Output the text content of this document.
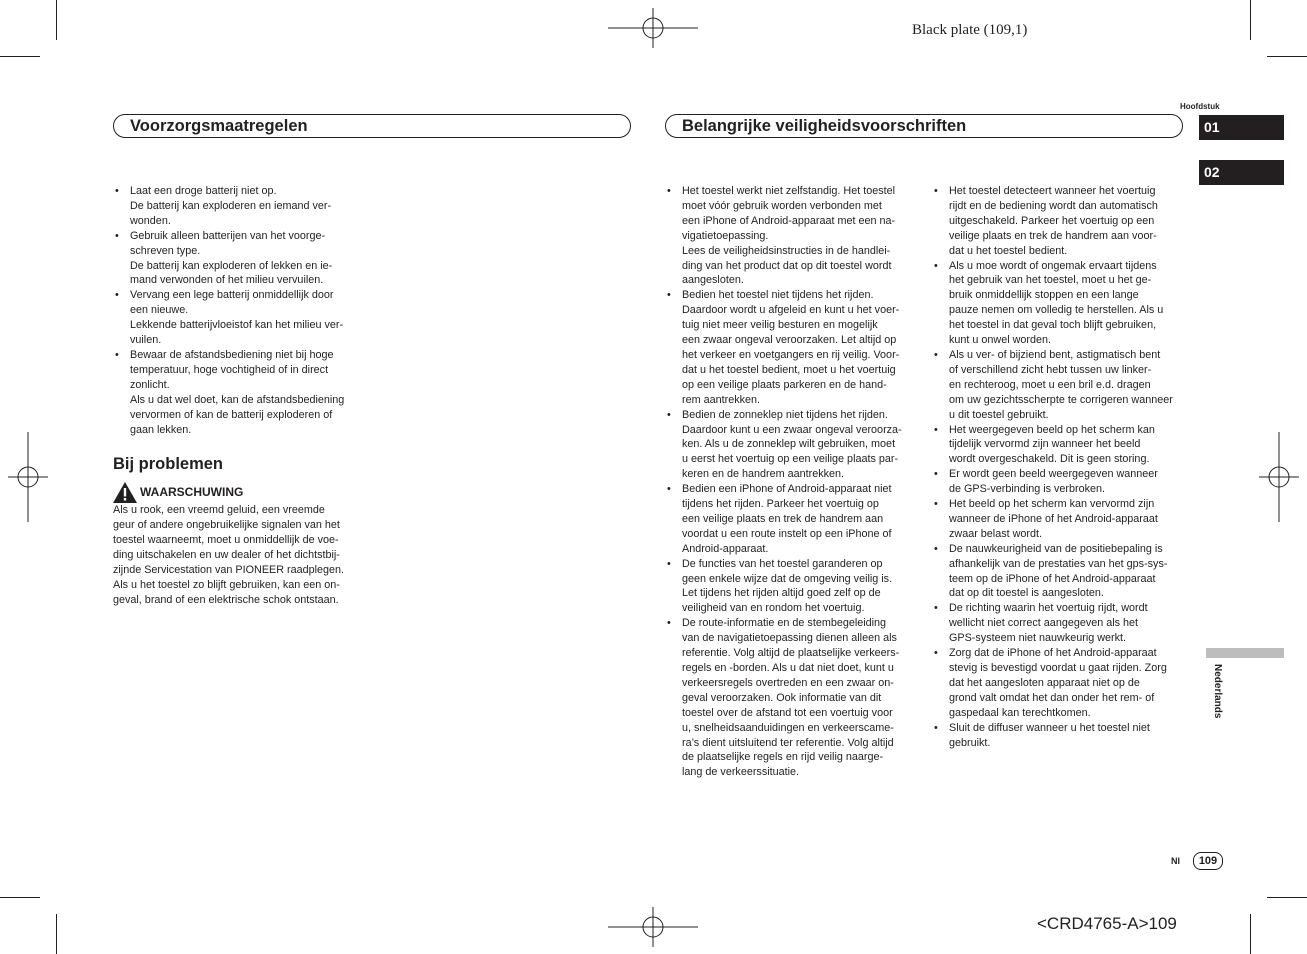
Black plate (109,1)
Voorzorgsmaatregelen	Belangrijke veiligheidsvoorschriften
Hoofdstuk
01
02

• Laat een droge batterij niet op.
De batterij kan exploderen en iemand ver-
wonden.

• Gebruik alleen batterijen van het voorge-
schreven type.
De batterij kan exploderen of lekken en ie-
mand verwonden of het milieu vervuilen.

• Vervang een lege batterij onmiddellijk door
een nieuwe.
Lekkende batterijvloeistof kan het milieu ver-
vuilen.

• Bewaar de afstandsbediening niet bij hoge
temperatuur, hoge vochtigheid of in direct
zonlicht.
Als u dat wel doet, kan de afstandsbediening
vervormen of kan de batterij exploderen of
gaan lekken.

Bij problemen
WAARSCHUWING
Als u rook, een vreemd geluid, een vreemde
geur of andere ongebruikelijke signalen van het
toestel waarneemt, moet u onmiddellijk de voe-
ding uitschakelen en uw dealer of het dichtstbij-
zijnde Servicestation van PIONEER raadplegen.
Als u het toestel zo blijft gebruiken, kan een on-
geval, brand of een elektrische schok ontstaan.

• Het toestel werkt niet zelfstandig. Het toestel
moet vóór gebruik worden verbonden met
een iPhone of Android-apparaat met een na-
vigatietoepassing.
Lees de veiligheidsinstructies in de handlei-
ding van het product dat op dit toestel wordt
aangesloten.

• Bedien het toestel niet tijdens het rijden.
Daardoor wordt u afgeleid en kunt u het voer-
tuig niet meer veilig besturen en mogelijk
een zwaar ongeval veroorzaken. Let altijd op
het verkeer en voetgangers en rij veilig. Voor-
dat u het toestel bedient, moet u het voertuig
op een veilige plaats parkeren en de hand-
rem aantrekken.

• Bedien de zonneklep niet tijdens het rijden.
Daardoor kunt u een zwaar ongeval veroorza-
ken. Als u de zonneklep wilt gebruiken, moet
u eerst het voertuig op een veilige plaats par-
keren en de handrem aantrekken.

• Bedien een iPhone of Android-apparaat niet
tijdens het rijden. Parkeer het voertuig op
een veilige plaats en trek de handrem aan
voordat u een route instelt op een iPhone of
Android-apparaat.

• De functies van het toestel garanderen op
geen enkele wijze dat de omgeving veilig is.
Let tijdens het rijden altijd goed zelf op de
veiligheid van en rondom het voertuig.

• De route-informatie en de stembegeleiding
van de navigatietoepassing dienen alleen als
referentie. Volg altijd de plaatselijke verkeers-
regels en -borden. Als u dat niet doet, kunt u
verkeersregels overtreden en een zwaar on-
geval veroorzaken. Ook informatie van dit
toestel over de afstand tot een voertuig voor
u, snelheidsaanduidingen en verkeerscame-
ra’s dient uitsluitend ter referentie. Volg altijd
de plaatselijke regels en rijd veilig naarge-
lang de verkeerssituatie.

• Het toestel detecteert wanneer het voertuig
rijdt en de bediening wordt dan automatisch
uitgeschakeld. Parkeer het voertuig op een
veilige plaats en trek de handrem aan voor-
dat u het toestel bedient.

• Als u moe wordt of ongemak ervaart tijdens
het gebruik van het toestel, moet u het ge-
bruik onmiddellijk stoppen en een lange
pauze nemen om volledig te herstellen. Als u
het toestel in dat geval toch blijft gebruiken,
kunt u onwel worden.

• Als u ver- of bijziend bent, astigmatisch bent
of verschillend zicht hebt tussen uw linker-
en rechteroog, moet u een bril e.d. dragen
om uw gezichtsscherpte te corrigeren wanneer
u dit toestel gebruikt.

• Het weergegeven beeld op het scherm kan
tijdelijk vervormd zijn wanneer het beeld
wordt overgeschakeld. Dit is geen storing.

• Er wordt geen beeld weergegeven wanneer
de GPS-verbinding is verbroken.

• Het beeld op het scherm kan vervormd zijn
wanneer de iPhone of het Android-apparaat
zwaar belast wordt.

• De nauwkeurigheid van de positiebepaling is
afhankelijk van de prestaties van het gps-sys-
teem op de iPhone of het Android-apparaat
dat op dit toestel is aangesloten.

• De richting waarin het voertuig rijdt, wordt
wellicht niet correct aangegeven als het
GPS-systeem niet nauwkeurig werkt.

• Zorg dat de iPhone of het Android-apparaat
stevig is bevestigd voordat u gaat rijden. Zorg
dat het aangesloten apparaat niet op de
grond valt omdat het dan onder het rem- of
gaspedaal kan terechtkomen.

• Sluit de diffuser wanneer u het toestel niet
gebruikt.

Nederlands
Nl	109
<CRD4765-A>109
